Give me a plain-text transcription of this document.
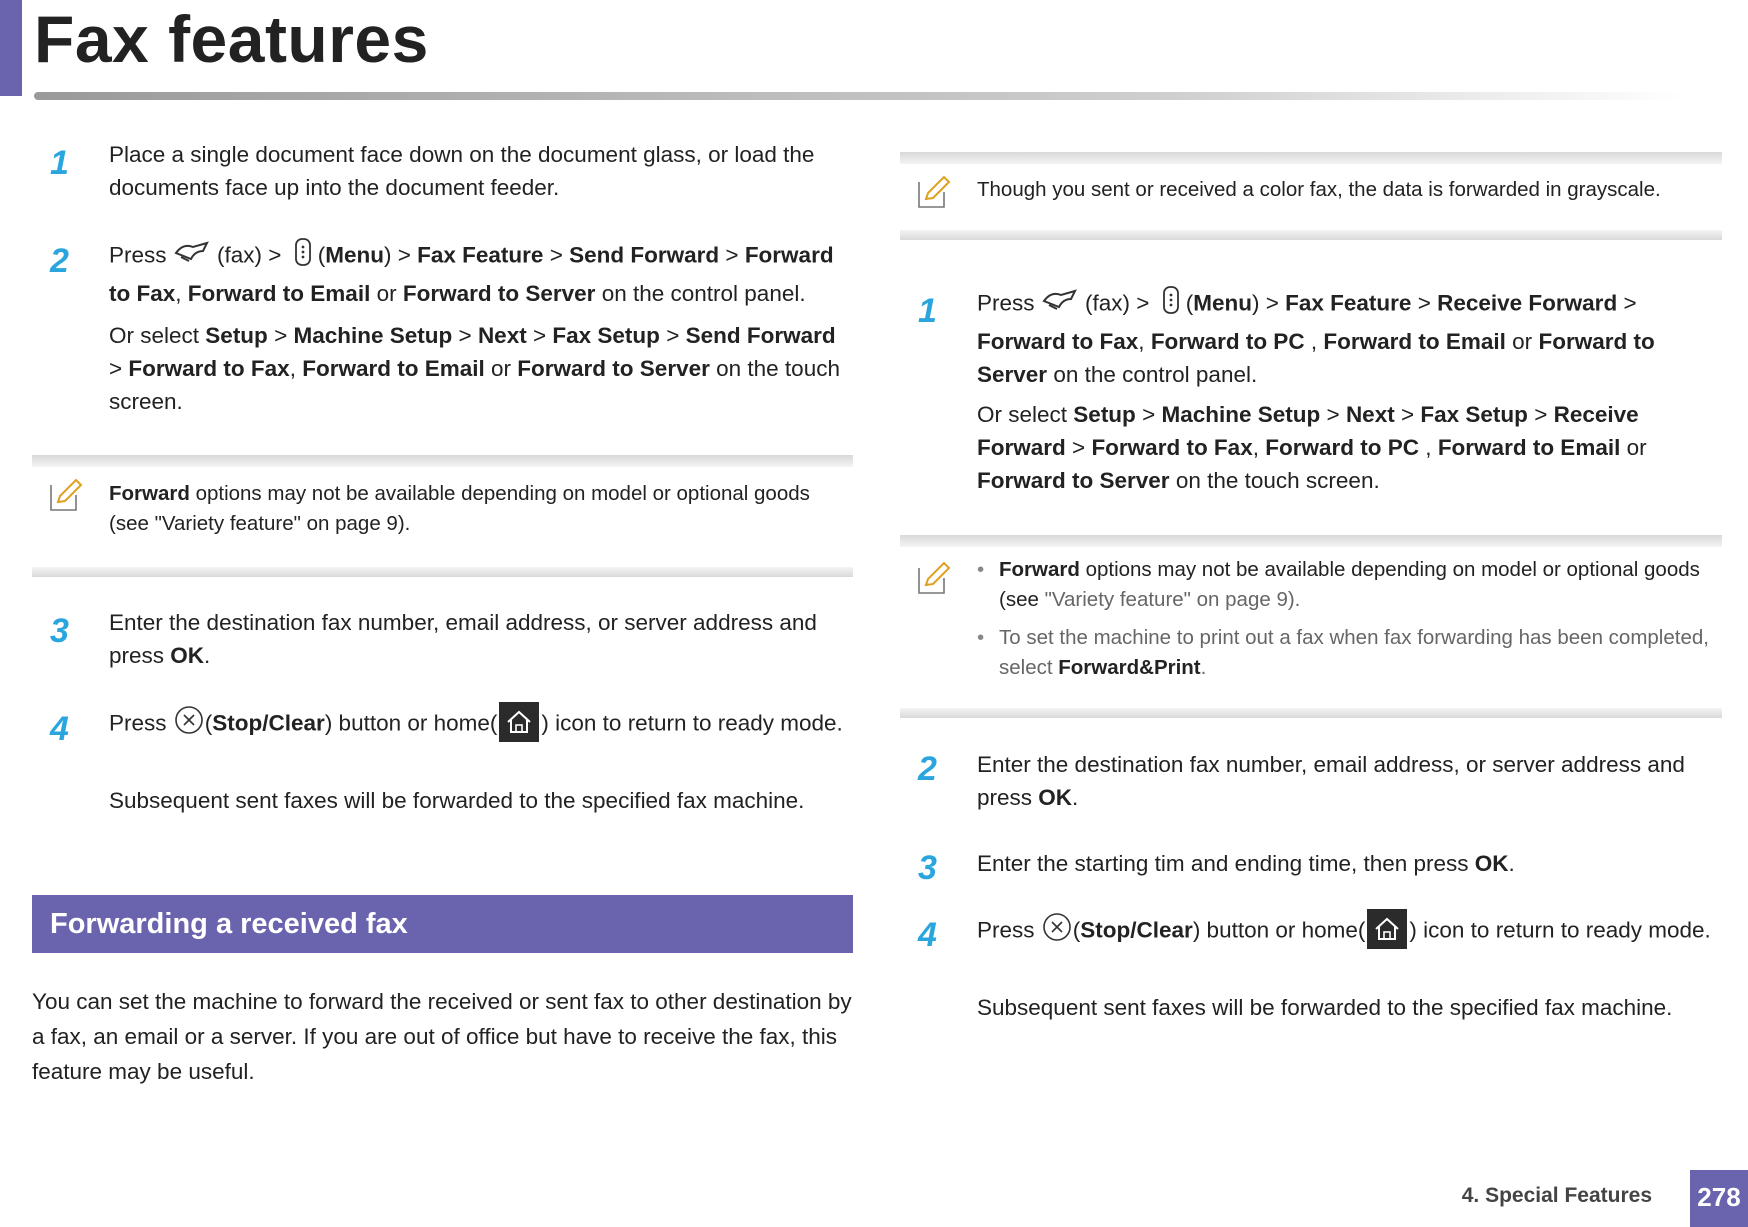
Fax features
1 Place a single document face down on the document glass, or load the documents face up into the document feeder.
2 Press (fax) > (Menu) > Fax Feature > Send Forward > Forward to Fax, Forward to Email or Forward to Server on the control panel.
Or select Setup > Machine Setup > Next > Fax Setup > Send Forward > Forward to Fax, Forward to Email or Forward to Server on the touch screen.
Forward options may not be available depending on model or optional goods (see "Variety feature" on page 9).
3 Enter the destination fax number, email address, or server address and press OK.
4 Press (Stop/Clear) button or home( ) icon to return to ready mode.
Subsequent sent faxes will be forwarded to the specified fax machine.
Forwarding a received fax
You can set the machine to forward the received or sent fax to other destination by a fax, an email or a server. If you are out of office but have to receive the fax, this feature may be useful.
Though you sent or received a color fax, the data is forwarded in grayscale.
1 Press (fax) > (Menu) > Fax Feature > Receive Forward > Forward to Fax, Forward to PC , Forward to Email or Forward to Server on the control panel.
Or select Setup > Machine Setup > Next > Fax Setup > Receive Forward > Forward to Fax, Forward to PC , Forward to Email or Forward to Server on the touch screen.
• Forward options may not be available depending on model or optional goods (see "Variety feature" on page 9).
• To set the machine to print out a fax when fax forwarding has been completed, select Forward&Print.
2 Enter the destination fax number, email address, or server address and press OK.
3 Enter the starting tim and ending time, then press OK.
4 Press (Stop/Clear) button or home( ) icon to return to ready mode.
Subsequent sent faxes will be forwarded to the specified fax machine.
4. Special Features 278
